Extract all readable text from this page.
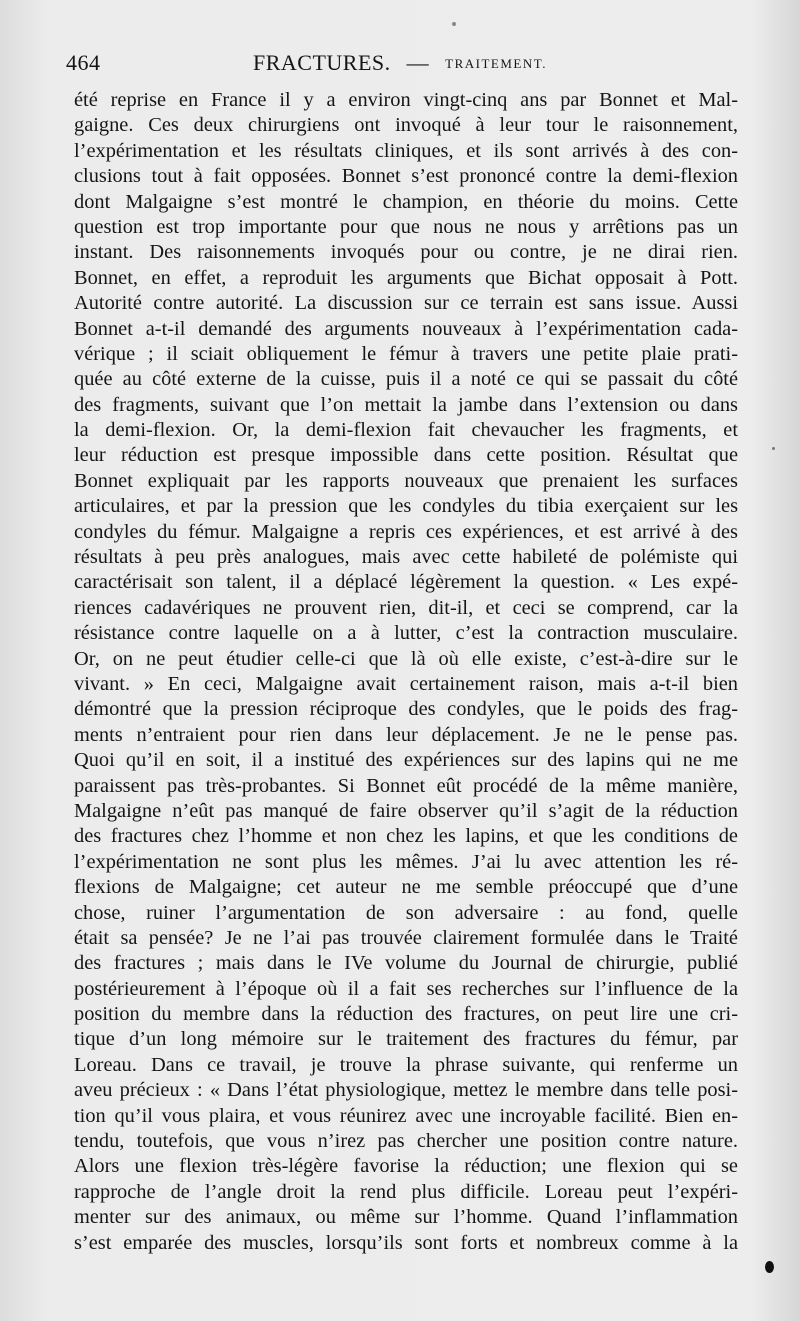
464	FRACTURES. — TRAITEMENT.
été reprise en France il y a environ vingt-cinq ans par Bonnet et Mal-
gaigne. Ces deux chirurgiens ont invoqué à leur tour le raisonnement,
l’expérimentation et les résultats cliniques, et ils sont arrivés à des con-
clusions tout à fait opposées. Bonnet s’est prononcé contre la demi-flexion
dont Malgaigne s’est montré le champion, en théorie du moins. Cette
question est trop importante pour que nous ne nous y arrêtions pas un
instant. Des raisonnements invoqués pour ou contre, je ne dirai rien.
Bonnet, en effet, a reproduit les arguments que Bichat opposait à Pott.
Autorité contre autorité. La discussion sur ce terrain est sans issue. Aussi
Bonnet a-t-il demandé des arguments nouveaux à l’expérimentation cada-
vérique ; il sciait obliquement le fémur à travers une petite plaie prati-
quée au côté externe de la cuisse, puis il a noté ce qui se passait du côté
des fragments, suivant que l’on mettait la jambe dans l’extension ou dans
la demi-flexion. Or, la demi-flexion fait chevaucher les fragments, et
leur réduction est presque impossible dans cette position. Résultat que
Bonnet expliquait par les rapports nouveaux que prenaient les surfaces
articulaires, et par la pression que les condyles du tibia exerçaient sur les
condyles du fémur. Malgaigne a repris ces expériences, et est arrivé à des
résultats à peu près analogues, mais avec cette habileté de polémiste qui
caractérisait son talent, il a déplacé légèrement la question. « Les expé-
riences cadavériques ne prouvent rien, dit-il, et ceci se comprend, car la
résistance contre laquelle on a à lutter, c’est la contraction musculaire.
Or, on ne peut étudier celle-ci que là où elle existe, c’est-à-dire sur le
vivant. » En ceci, Malgaigne avait certainement raison, mais a-t-il bien
démontré que la pression réciproque des condyles, que le poids des frag-
ments n’entraient pour rien dans leur déplacement. Je ne le pense pas.
Quoi qu’il en soit, il a institué des expériences sur des lapins qui ne me
paraissent pas très-probantes. Si Bonnet eût procédé de la même manière,
Malgaigne n’eût pas manqué de faire observer qu’il s’agit de la réduction
des fractures chez l’homme et non chez les lapins, et que les conditions de
l’expérimentation ne sont plus les mêmes. J’ai lu avec attention les ré-
flexions de Malgaigne; cet auteur ne me semble préoccupé que d’une
chose, ruiner l’argumentation de son adversaire : au fond, quelle
était sa pensée? Je ne l’ai pas trouvée clairement formulée dans le Traité
des fractures ; mais dans le IVe volume du Journal de chirurgie, publié
postérieurement à l’époque où il a fait ses recherches sur l’influence de la
position du membre dans la réduction des fractures, on peut lire une cri-
tique d’un long mémoire sur le traitement des fractures du fémur, par
Loreau. Dans ce travail, je trouve la phrase suivante, qui renferme un
aveu précieux : « Dans l’état physiologique, mettez le membre dans telle posi-
tion qu’il vous plaira, et vous réunirez avec une incroyable facilité. Bien en-
tendu, toutefois, que vous n’irez pas chercher une position contre nature.
Alors une flexion très-légère favorise la réduction; une flexion qui se
rapproche de l’angle droit la rend plus difficile. Loreau peut l’expéri-
menter sur des animaux, ou même sur l’homme. Quand l’inflammation
s’est emparée des muscles, lorsqu’ils sont forts et nombreux comme à la
